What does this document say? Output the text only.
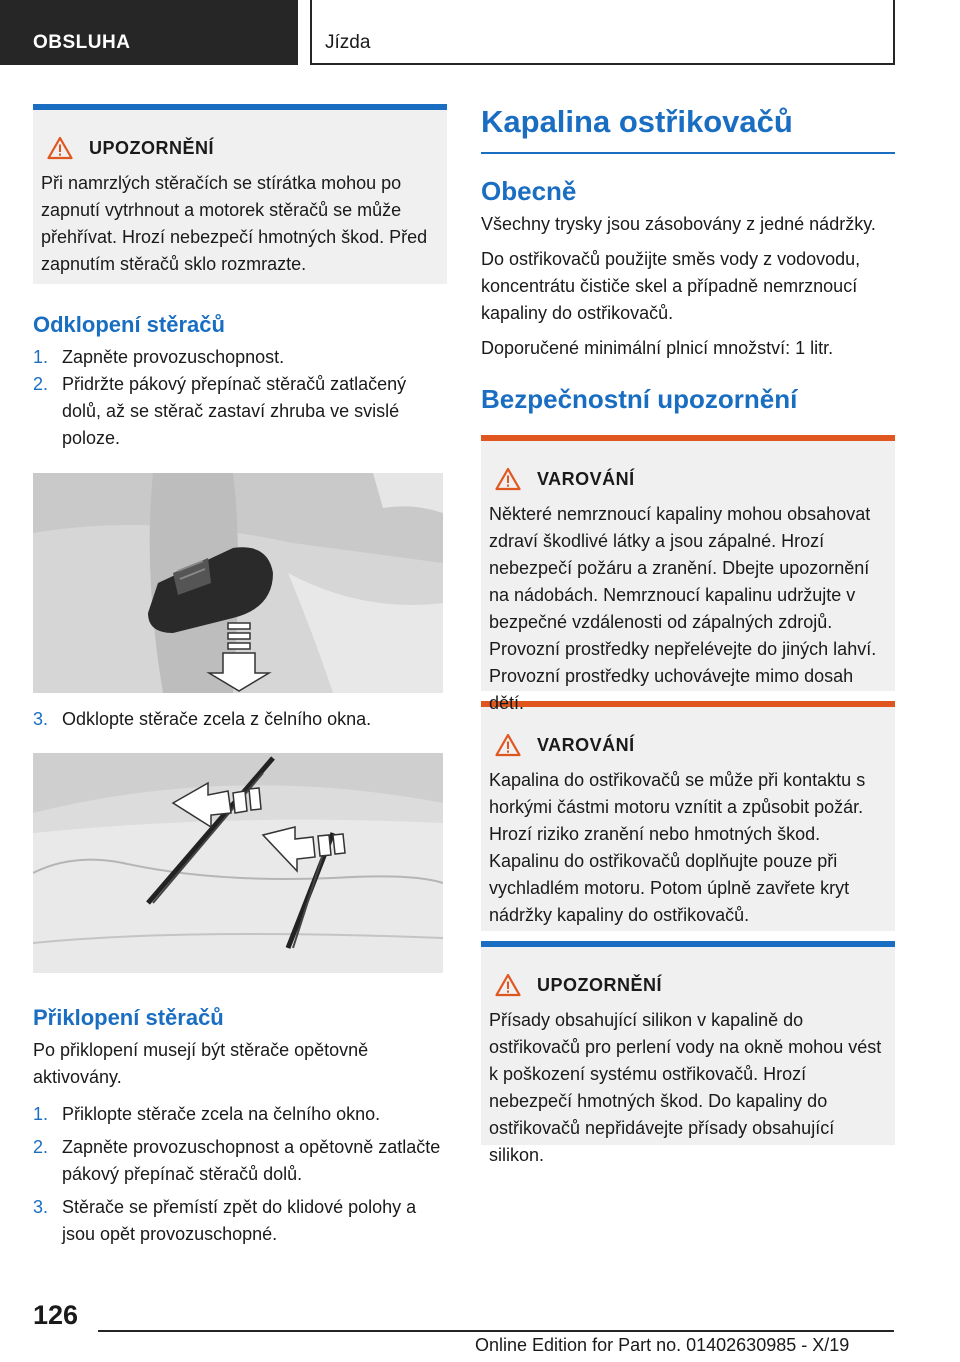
OBSLUHA	Jízda
UPOZORNĚNÍ
Při namrzlých stěračích se stírátka mohou po zapnutí vytrhnout a motorek stěračů se může přehřívat. Hrozí nebezpečí hmotných škod. Před zapnutím stěračů sklo rozmrazte.
Odklopení stěračů
1. Zapněte provozuschopnost.
2. Přidržte pákový přepínač stěračů zatlačený dolů, až se stěrač zastaví zhruba ve svislé poloze.
3. Odklopte stěrače zcela z čelního okna.
Přiklopení stěračů
Po přiklopení musejí být stěrače opětovně aktivovány.
1. Přiklopte stěrače zcela na čelního okno.
2. Zapněte provozuschopnost a opětovně zatlačte pákový přepínač stěračů dolů.
3. Stěrače se přemístí zpět do klidové polohy a jsou opět provozuschopné.
Kapalina ostřikovačů
Obecně
Všechny trysky jsou zásobovány z jedné nádržky.
Do ostřikovačů použijte směs vody z vodovodu, koncentrátu čističe skel a případně nemrznoucí kapaliny do ostřikovačů.
Doporučené minimální plnicí množství: 1 litr.
Bezpečnostní upozornění
VAROVÁNÍ
Některé nemrznoucí kapaliny mohou obsahovat zdraví škodlivé látky a jsou zápalné. Hrozí nebezpečí požáru a zranění. Dbejte upozornění na nádobách. Nemrznoucí kapalinu udržujte v bezpečné vzdálenosti od zápalných zdrojů. Provozní prostředky nepřelévejte do jiných lahví. Provozní prostředky uchovávejte mimo dosah dětí.
VAROVÁNÍ
Kapalina do ostřikovačů se může při kontaktu s horkými částmi motoru vznítit a způsobit požár. Hrozí riziko zranění nebo hmotných škod. Kapalinu do ostřikovačů doplňujte pouze při vychladlém motoru. Potom úplně zavřete kryt nádržky kapaliny do ostřikovačů.
UPOZORNĚNÍ
Přísady obsahující silikon v kapalině do ostřikovačů pro perlení vody na okně mohou vést k poškození systému ostřikovačů. Hrozí nebezpečí hmotných škod. Do kapaliny do ostřikovačů nepřidávejte přísady obsahující silikon.
126
Online Edition for Part no. 01402630985 - X/19
